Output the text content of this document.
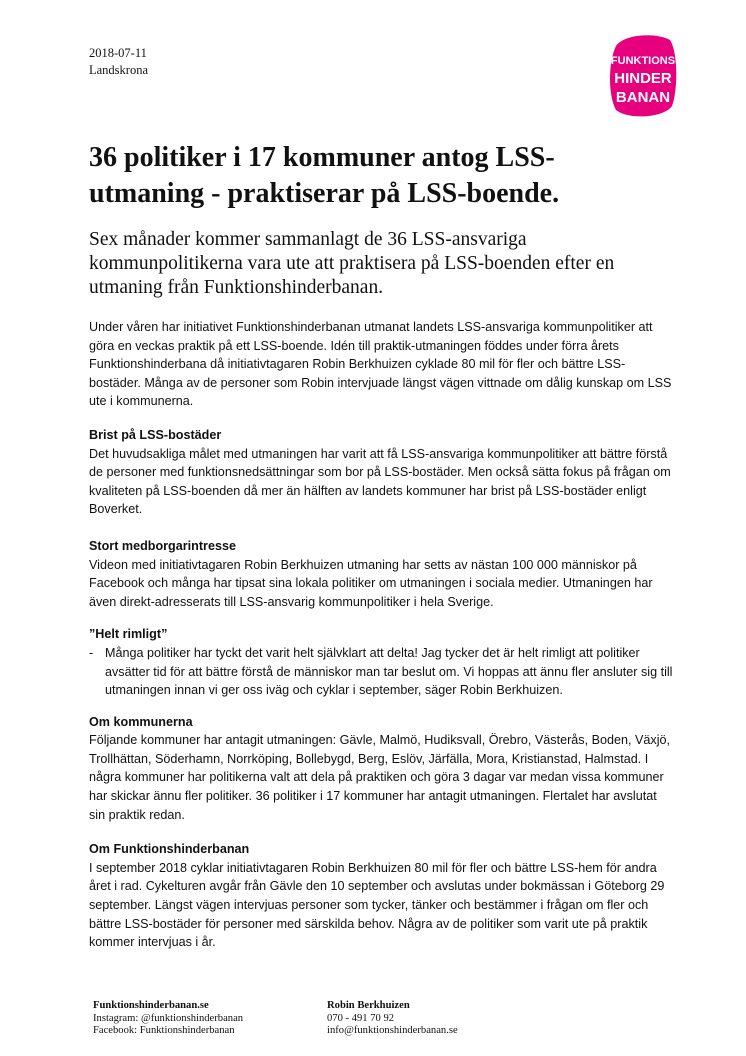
2018-07-11
Landskrona
FUNKTIONS
HINDER
BANAN
36 politiker i 17 kommuner antog LSS-utmaning - praktiserar på LSS-boende.

Sex månader kommer sammanlagt de 36 LSS-ansvariga kommunpolitikerna vara ute att praktisera på LSS-boenden efter en utmaning från Funktionshinderbanan.

Under våren har initiativet Funktionshinderbanan utmanat landets LSS-ansvariga kommunpolitiker att göra en veckas praktik på ett LSS-boende. Idén till praktik-utmaningen föddes under förra årets Funktionshinderbana då initiativtagaren Robin Berkhuizen cyklade 80 mil för fler och bättre LSS-bostäder. Många av de personer som Robin intervjuade längst vägen vittnade om dålig kunskap om LSS ute i kommunerna.

Brist på LSS-bostäder

Det huvudsakliga målet med utmaningen har varit att få LSS-ansvariga kommunpolitiker att bättre förstå de personer med funktionsnedsättningar som bor på LSS-bostäder. Men också sätta fokus på frågan om kvaliteten på LSS-boenden då mer än hälften av landets kommuner har brist på LSS-bostäder enligt Boverket.

Stort medborgarintresse

Videon med initiativtagaren Robin Berkhuizen utmaning har setts av nästan 100 000 människor på Facebook och många har tipsat sina lokala politiker om utmaningen i sociala medier. Utmaningen har även direkt-adresserats till LSS-ansvarig kommunpolitiker i hela Sverige.

”Helt rimligt”
- Många politiker har tyckt det varit helt självklart att delta! Jag tycker det är helt rimligt att politiker avsätter tid för att bättre förstå de människor man tar beslut om. Vi hoppas att ännu fler ansluter sig till utmaningen innan vi ger oss iväg och cyklar i september, säger Robin Berkhuizen.

Om kommunerna

Följande kommuner har antagit utmaningen: Gävle, Malmö, Hudiksvall, Örebro, Västerås, Boden, Växjö, Trollhättan, Söderhamn, Norrköping, Bollebygd, Berg, Eslöv, Järfälla, Mora, Kristianstad, Halmstad. I några kommuner har politikerna valt att dela på praktiken och göra 3 dagar var medan vissa kommuner har skickar ännu fler politiker. 36 politiker i 17 kommuner har antagit utmaningen. Flertalet har avslutat sin praktik redan.

Om Funktionshinderbanan

I september 2018 cyklar initiativtagaren Robin Berkhuizen 80 mil för fler och bättre LSS-hem för andra året i rad. Cykelturen avgår från Gävle den 10 september och avslutas under bokmässan i Göteborg 29 september. Längst vägen intervjuas personer som tycker, tänker och bestämmer i frågan om fler och bättre LSS-bostäder för personer med särskilda behov. Några av de politiker som varit ute på praktik kommer intervjuas i år.

Funktionshinderbanan.se
Instagram: @funktionshinderbanan
Facebook: Funktionshinderbanan
Robin Berkhuizen
070 - 491 70 92
info@funktionshinderbanan.se
